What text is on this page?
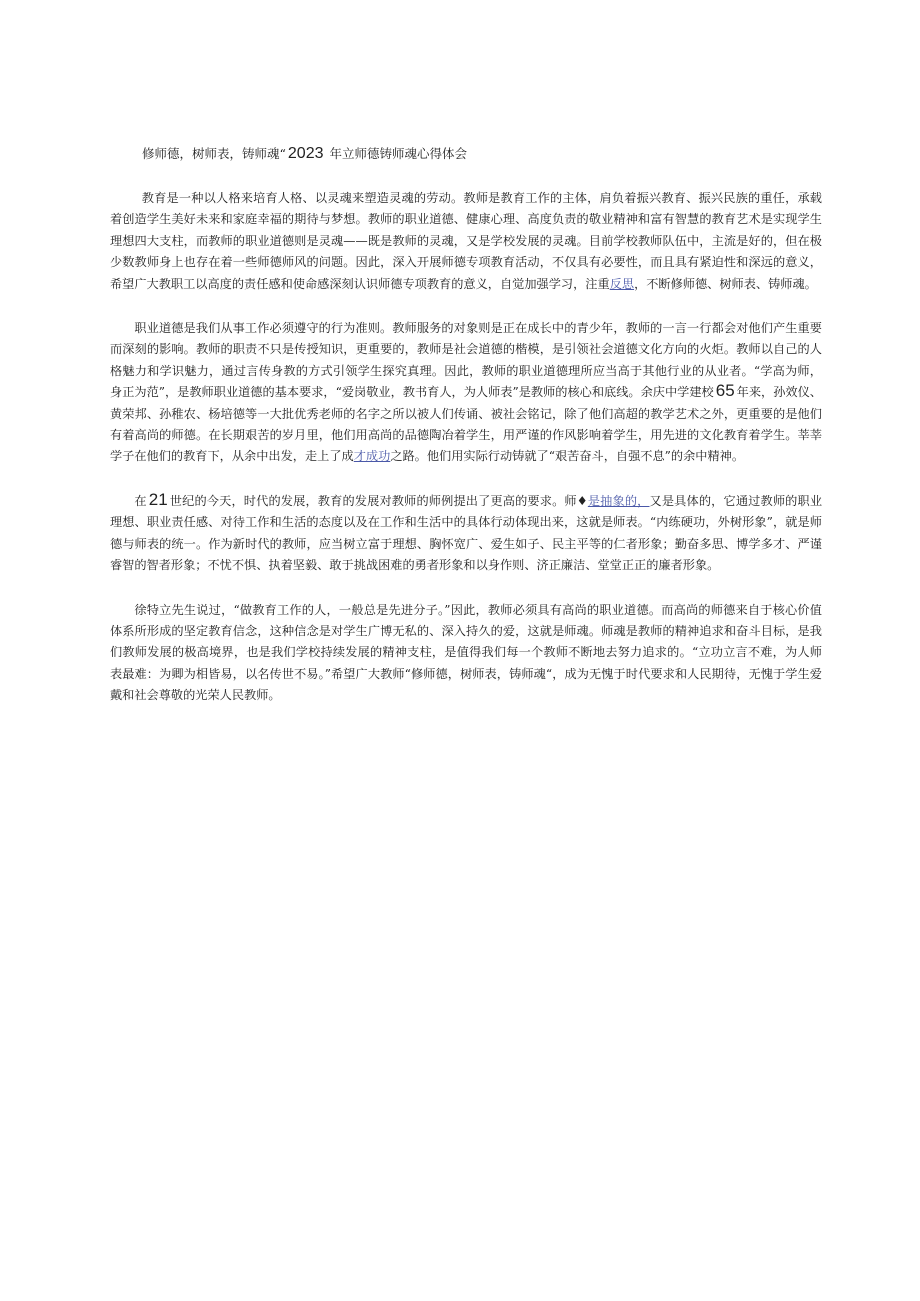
修师德，树师表，铸师魂“ 2023 年立师德铸师魂心得体会

教育是一种以人格来培育人格、以灵魂来塑造灵魂的劳动。教师是教育工作的主体，肩负着振兴教育、振兴民族的重任，承载着创造学生美好未来和家庭幸福的期待与梦想。教师的职业道德、健康心理、高度负责的敬业精神和富有智慧的教育艺术是实现学生理想四大支柱，而教师的职业道德则是灵魂——既是教师的灵魂，又是学校发展的灵魂。目前学校教师队伍中，主流是好的，但在极少数教师身上也存在着一些师德师风的问题。因此，深入开展师德专项教育活动，不仅具有必要性，而且具有紧迫性和深远的意义，希望广大教职工以高度的责任感和使命感深刻认识师德专项教育的意义，自觉加强学习，注重反思，不断修师德、树师表、铸师魂。

职业道德是我们从事工作必须遵守的行为准则。教师服务的对象则是正在成长中的青少年，教师的一言一行都会对他们产生重要而深刻的影响。教师的职责不只是传授知识，更重要的，教师是社会道德的楷模，是引领社会道德文化方向的火炬。教师以自己的人格魅力和学识魅力，通过言传身教的方式引领学生探究真理。因此，教师的职业道德理所应当高于其他行业的从业者。“学高为师，身正为范”，是教师职业道德的基本要求，“爱岗敬业，教书育人，为人师表”是教师的核心和底线。余庆中学建校 65 年来，孙效仪、黄荣邦、孙稚农、杨培德等一大批优秀老师的名字之所以被人们传诵、被社会铭记，除了他们高超的教学艺术之外，更重要的是他们有着高尚的师德。在长期艰苦的岁月里，他们用高尚的品德陶冶着学生，用严谨的作风影响着学生，用先进的文化教育着学生。莘莘学子在他们的教育下，从余中出发，走上了成才成功之路。他们用实际行动铸就了“艰苦奋斗，自强不息”的余中精神。

在 21 世纪的今天，时代的发展，教育的发展对教师的师例提出了更高的要求。师♦是抽象的，又是具体的，它通过教师的职业理想、职业责任感、对待工作和生活的态度以及在工作和生活中的具体行动体现出来，这就是师表。“内练硬功，外树形象”，就是师德与师表的统一。作为新时代的教师，应当树立富于理想、胸怀宽广、爱生如子、民主平等的仁者形象；勤奋多思、博学多才、严谨睿智的智者形象；不忧不惧、执着坚毅、敢于挑战困难的勇者形象和以身作则、济正廉洁、堂堂正正的廉者形象。

徐特立先生说过，“做教育工作的人，一般总是先进分子。”因此，教师必须具有高尚的职业道德。而高尚的师德来自于核心价值体系所形成的坚定教育信念，这种信念是对学生广博无私的、深入持久的爱，这就是师魂。师魂是教师的精神追求和奋斗目标，是我们教师发展的极高境界，也是我们学校持续发展的精神支柱，是值得我们每一个教师不断地去努力追求的。“立功立言不难，为人师表最难：为卿为相皆易，以名传世不易。”希望广大教师“修师德，树师表，铸师魂“，成为无愧于时代要求和人民期待，无愧于学生爱戴和社会尊敬的光荣人民教师。
